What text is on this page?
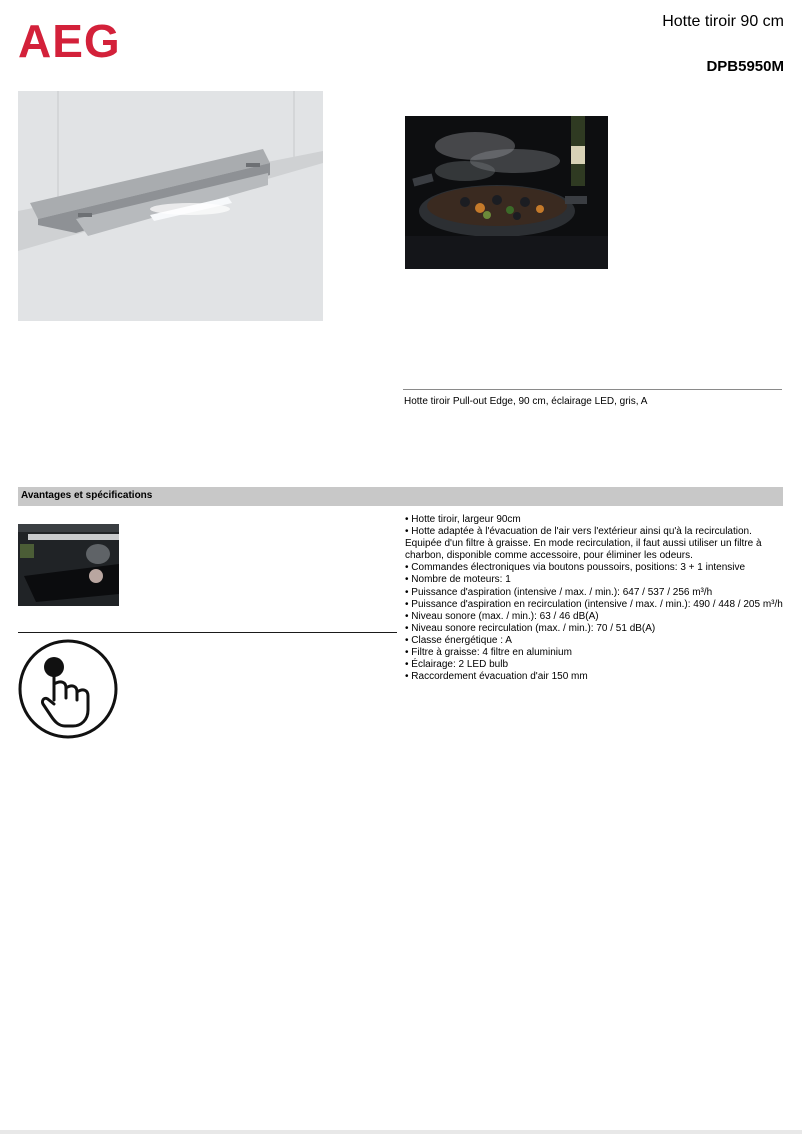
AEG	Hotte tiroir 90 cm
DPB5950M
Hotte tiroir Pull-out Edge, 90 cm, éclairage LED, gris, A
Avantages et spécifications
• Hotte tiroir, largeur 90cm
• Hotte adaptée à l'évacuation de l'air vers l'extérieur ainsi qu'à la recirculation. Equipée d'un filtre à graisse. En mode recirculation, il faut aussi utiliser un filtre à charbon, disponible comme accessoire, pour éliminer les odeurs.
• Commandes électroniques via boutons poussoirs, positions: 3 + 1 intensive
• Nombre de moteurs: 1
• Puissance d'aspiration (intensive / max. / min.): 647 / 537 / 256 m³/h
• Puissance d'aspiration en recirculation (intensive / max. / min.): 490 / 448 / 205 m³/h
• Niveau sonore (max. / min.): 63 / 46 dB(A)
• Niveau sonore recirculation (max. / min.): 70 / 51 dB(A)
• Classe énergétique : A
• Filtre à graisse: 4 filtre en aluminium
• Éclairage: 2 LED bulb
• Raccordement évacuation d'air 150 mm
